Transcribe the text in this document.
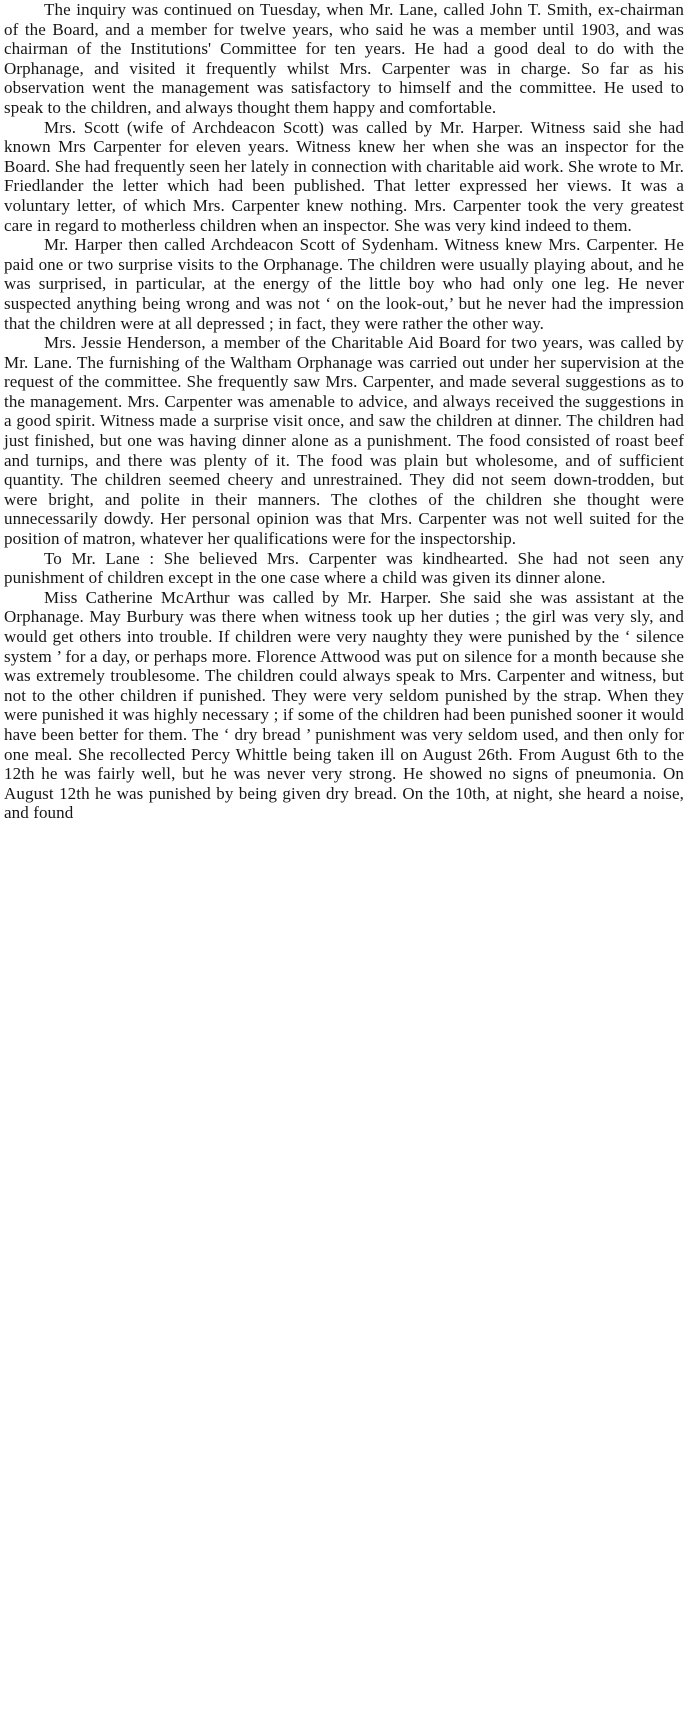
The inquiry was continued on Tuesday, when Mr. Lane, called John T. Smith, ex-chairman of the Board, and a member for twelve years, who said he was a member until 1903, and was chairman of the Institutions' Committee for ten years. He had a good deal to do with the Orphanage, and visited it frequently whilst Mrs. Carpenter was in charge. So far as his observation went the management was satisfactory to himself and the committee. He used to speak to the children, and always thought them happy and comfortable.

Mrs. Scott (wife of Archdeacon Scott) was called by Mr. Harper. Witness said she had known Mrs Carpenter for eleven years. Witness knew her when she was an inspector for the Board. She had frequently seen her lately in connection with charitable aid work. She wrote to Mr. Friedlander the letter which had been published. That letter expressed her views. It was a voluntary letter, of which Mrs. Carpenter knew nothing. Mrs. Carpenter took the very greatest care in regard to motherless children when an inspector. She was very kind indeed to them.

Mr. Harper then called Archdeacon Scott of Sydenham. Witness knew Mrs. Carpenter. He paid one or two surprise visits to the Orphanage. The children were usually playing about, and he was surprised, in particular, at the energy of the little boy who had only one leg. He never suspected anything being wrong and was not ‘ on the look-out,’ but he never had the impression that the children were at all depressed ; in fact, they were rather the other way.

Mrs. Jessie Henderson, a member of the Charitable Aid Board for two years, was called by Mr. Lane. The furnishing of the Waltham Orphanage was carried out under her supervision at the request of the committee. She frequently saw Mrs. Carpenter, and made several suggestions as to the management. Mrs. Carpenter was amenable to advice, and always received the suggestions in a good spirit. Witness made a surprise visit once, and saw the children at dinner. The children had just finished, but one was having dinner alone as a punishment. The food consisted of roast beef and turnips, and there was plenty of it. The food was plain but wholesome, and of sufficient quantity. The children seemed cheery and unrestrained. They did not seem down-trodden, but were bright, and polite in their manners. The clothes of the children she thought were unnecessarily dowdy. Her personal opinion was that Mrs. Carpenter was not well suited for the position of matron, whatever her qualifications were for the inspectorship.

To Mr. Lane : She believed Mrs. Carpenter was kindhearted. She had not seen any punishment of children except in the one case where a child was given its dinner alone.

Miss Catherine McArthur was called by Mr. Harper. She said she was assistant at the Orphanage. May Burbury was there when witness took up her duties ; the girl was very sly, and would get others into trouble. If children were very naughty they were punished by the ‘ silence system ’ for a day, or perhaps more. Florence Attwood was put on silence for a month because she was extremely troublesome. The children could always speak to Mrs. Carpenter and witness, but not to the other children if punished. They were very seldom punished by the strap. When they were punished it was highly necessary ; if some of the children had been punished sooner it would have been better for them. The ‘ dry bread ’ punishment was very seldom used, and then only for one meal. She recollected Percy Whittle being taken ill on August 26th. From August 6th to the 12th he was fairly well, but he was never very strong. He showed no signs of pneumonia. On August 12th he was punished by being given dry bread. On the 10th, at night, she heard a noise, and found
